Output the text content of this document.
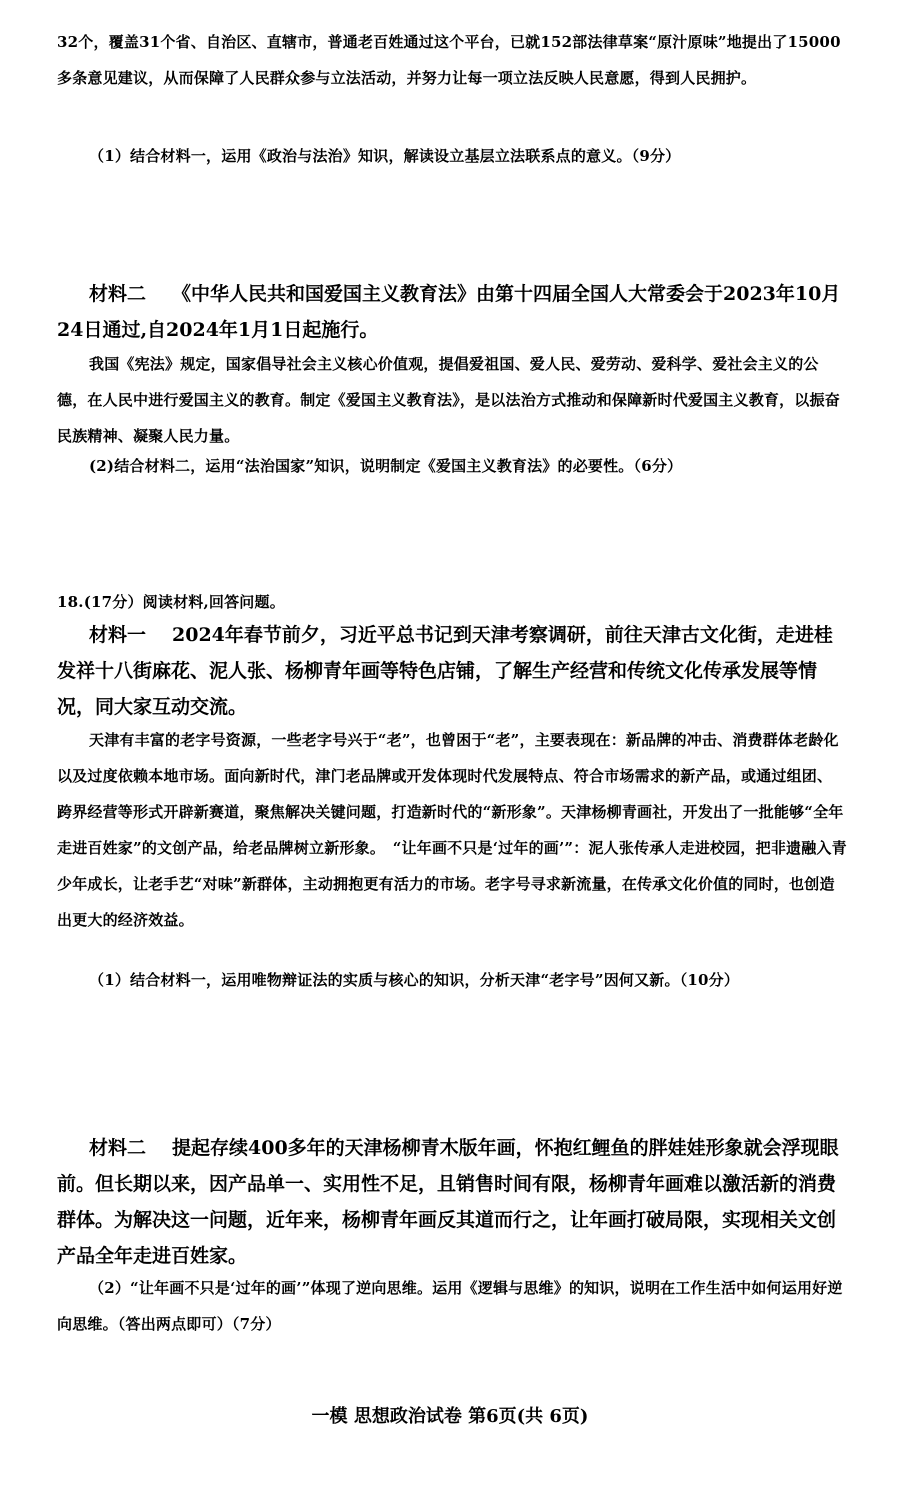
32个，覆盖31个省、自治区、直辖市，普通老百姓通过这个平台，已就152部法律草案“原汁原味”地提出了15000多条意见建议，从而保障了人民群众参与立法活动，并努力让每一项立法反映人民意愿，得到人民拥护。
（1）结合材料一，运用《政治与法治》知识，解读设立基层立法联系点的意义。（9分）
材料二 《中华人民共和国爱国主义教育法》由第十四届全国人大常委会于2023年10月24日通过,自2024年1月1日起施行。
我国《宪法》规定，国家倡导社会主义核心价值观，提倡爱祖国、爱人民、爱劳动、爱科学、爱社会主义的公德，在人民中进行爱国主义的教育。制定《爱国主义教育法》，是以法治方式推动和保障新时代爱国主义教育，以振奋民族精神、凝聚人民力量。
(2)结合材料二，运用“法治国家”知识，说明制定《爱国主义教育法》的必要性。（6分）
18.(17分）阅读材料,回答问题。
材料一 2024年春节前夕，习近平总书记到天津考察调研，前往天津古文化街，走进桂发祥十八街麻花、泥人张、杨柳青年画等特色店铺，了解生产经营和传统文化传承发展等情况，同大家互动交流。
天津有丰富的老字号资源，一些老字号兴于“老”，也曾困于“老”，主要表现在：新品牌的冲击、消费群体老龄化以及过度依赖本地市场。面向新时代，津门老品牌或开发体现时代发展特点、符合市场需求的新产品，或通过组团、跨界经营等形式开辟新赛道，聚焦解决关键问题，打造新时代的“新形象”。天津杨柳青画社，开发出了一批能够“全年走进百姓家”的文创产品，给老品牌树立新形象。　“让年画不只是‘过年的画’”：泥人张传承人走进校园，把非遗融入青少年成长，让老手艺“对味”新群体，主动拥抱更有活力的市场。老字号寻求新流量，在传承文化价值的同时，也创造出更大的经济效益。
（1）结合材料一，运用唯物辩证法的实质与核心的知识，分析天津“老字号”因何又新。（10分）
材料二 提起存续400多年的天津杨柳青木版年画，怀抱红鲤鱼的胖娃娃形象就会浮现眼前。但长期以来，因产品单一、实用性不足，且销售时间有限，杨柳青年画难以激活新的消费群体。为解决这一问题，近年来，杨柳青年画反其道而行之，让年画打破局限，实现相关文创产品全年走进百姓家。
（2）“让年画不只是‘过年的画’”体现了逆向思维。运用《逻辑与思维》的知识，说明在工作生活中如何运用好逆向思维。（答出两点即可）（7分）
一模 思想政治试卷 第6页(共 6页)
